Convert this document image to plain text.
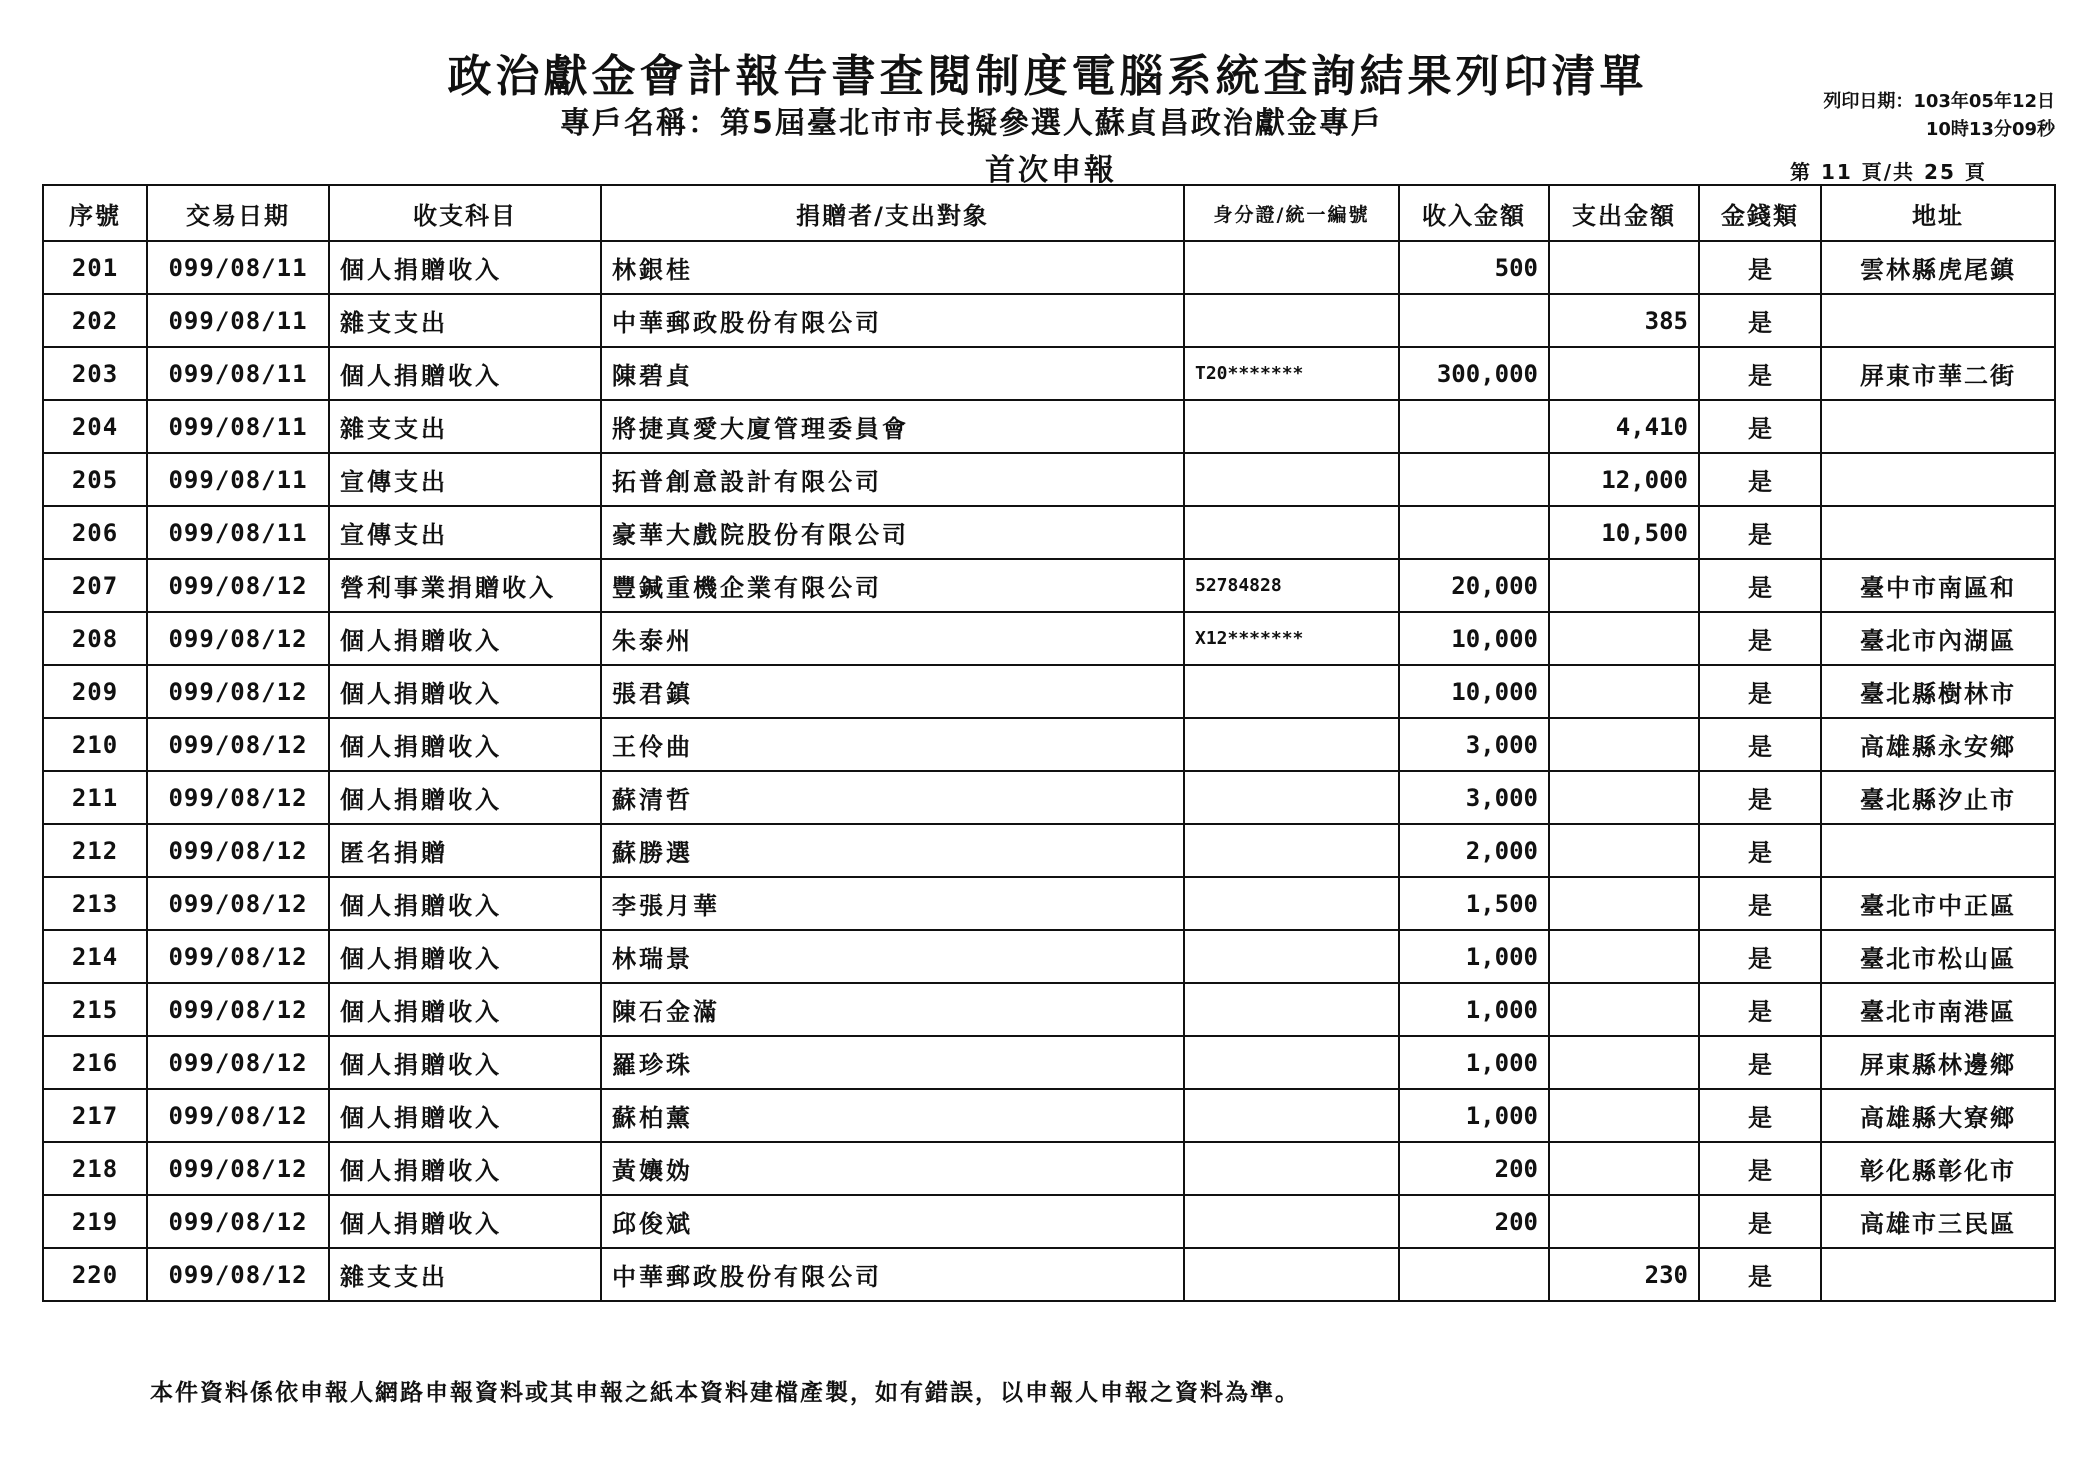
政治獻金會計報告書查閱制度電腦系統查詢結果列印清單
專戶名稱：第5屆臺北市市長擬參選人蘇貞昌政治獻金專戶
首次申報
列印日期：103年05年12日
10時13分09秒
第 11 頁/共 25 頁
序號	交易日期	收支科目	捐贈者/支出對象	身分證/統一編號	收入金額	支出金額	金錢類	地址
201	099/08/11	個人捐贈收入	林銀桂		500		是	雲林縣虎尾鎮
202	099/08/11	雜支支出	中華郵政股份有限公司			385	是	
203	099/08/11	個人捐贈收入	陳碧貞	T20*******	300,000		是	屏東市華二街
204	099/08/11	雜支支出	將捷真愛大廈管理委員會			4,410	是	
205	099/08/11	宣傳支出	拓普創意設計有限公司			12,000	是	
206	099/08/11	宣傳支出	豪華大戲院股份有限公司			10,500	是	
207	099/08/12	營利事業捐贈收入	豐鍼重機企業有限公司	52784828	20,000		是	臺中市南區和
208	099/08/12	個人捐贈收入	朱泰州	X12*******	10,000		是	臺北市內湖區
209	099/08/12	個人捐贈收入	張君鎮		10,000		是	臺北縣樹林市
210	099/08/12	個人捐贈收入	王伶曲		3,000		是	高雄縣永安鄉
211	099/08/12	個人捐贈收入	蘇清哲		3,000		是	臺北縣汐止市
212	099/08/12	匿名捐贈	蘇勝選		2,000		是	
213	099/08/12	個人捐贈收入	李張月華		1,500		是	臺北市中正區
214	099/08/12	個人捐贈收入	林瑞景		1,000		是	臺北市松山區
215	099/08/12	個人捐贈收入	陳石金滿		1,000		是	臺北市南港區
216	099/08/12	個人捐贈收入	羅珍珠		1,000		是	屏東縣林邊鄉
217	099/08/12	個人捐贈收入	蘇柏薰		1,000		是	高雄縣大寮鄉
218	099/08/12	個人捐贈收入	黃孃妫		200		是	彰化縣彰化市
219	099/08/12	個人捐贈收入	邱俊斌		200		是	高雄市三民區
220	099/08/12	雜支支出	中華郵政股份有限公司			230	是	
本件資料係依申報人網路申報資料或其申報之紙本資料建檔產製，如有錯誤，以申報人申報之資料為準。
